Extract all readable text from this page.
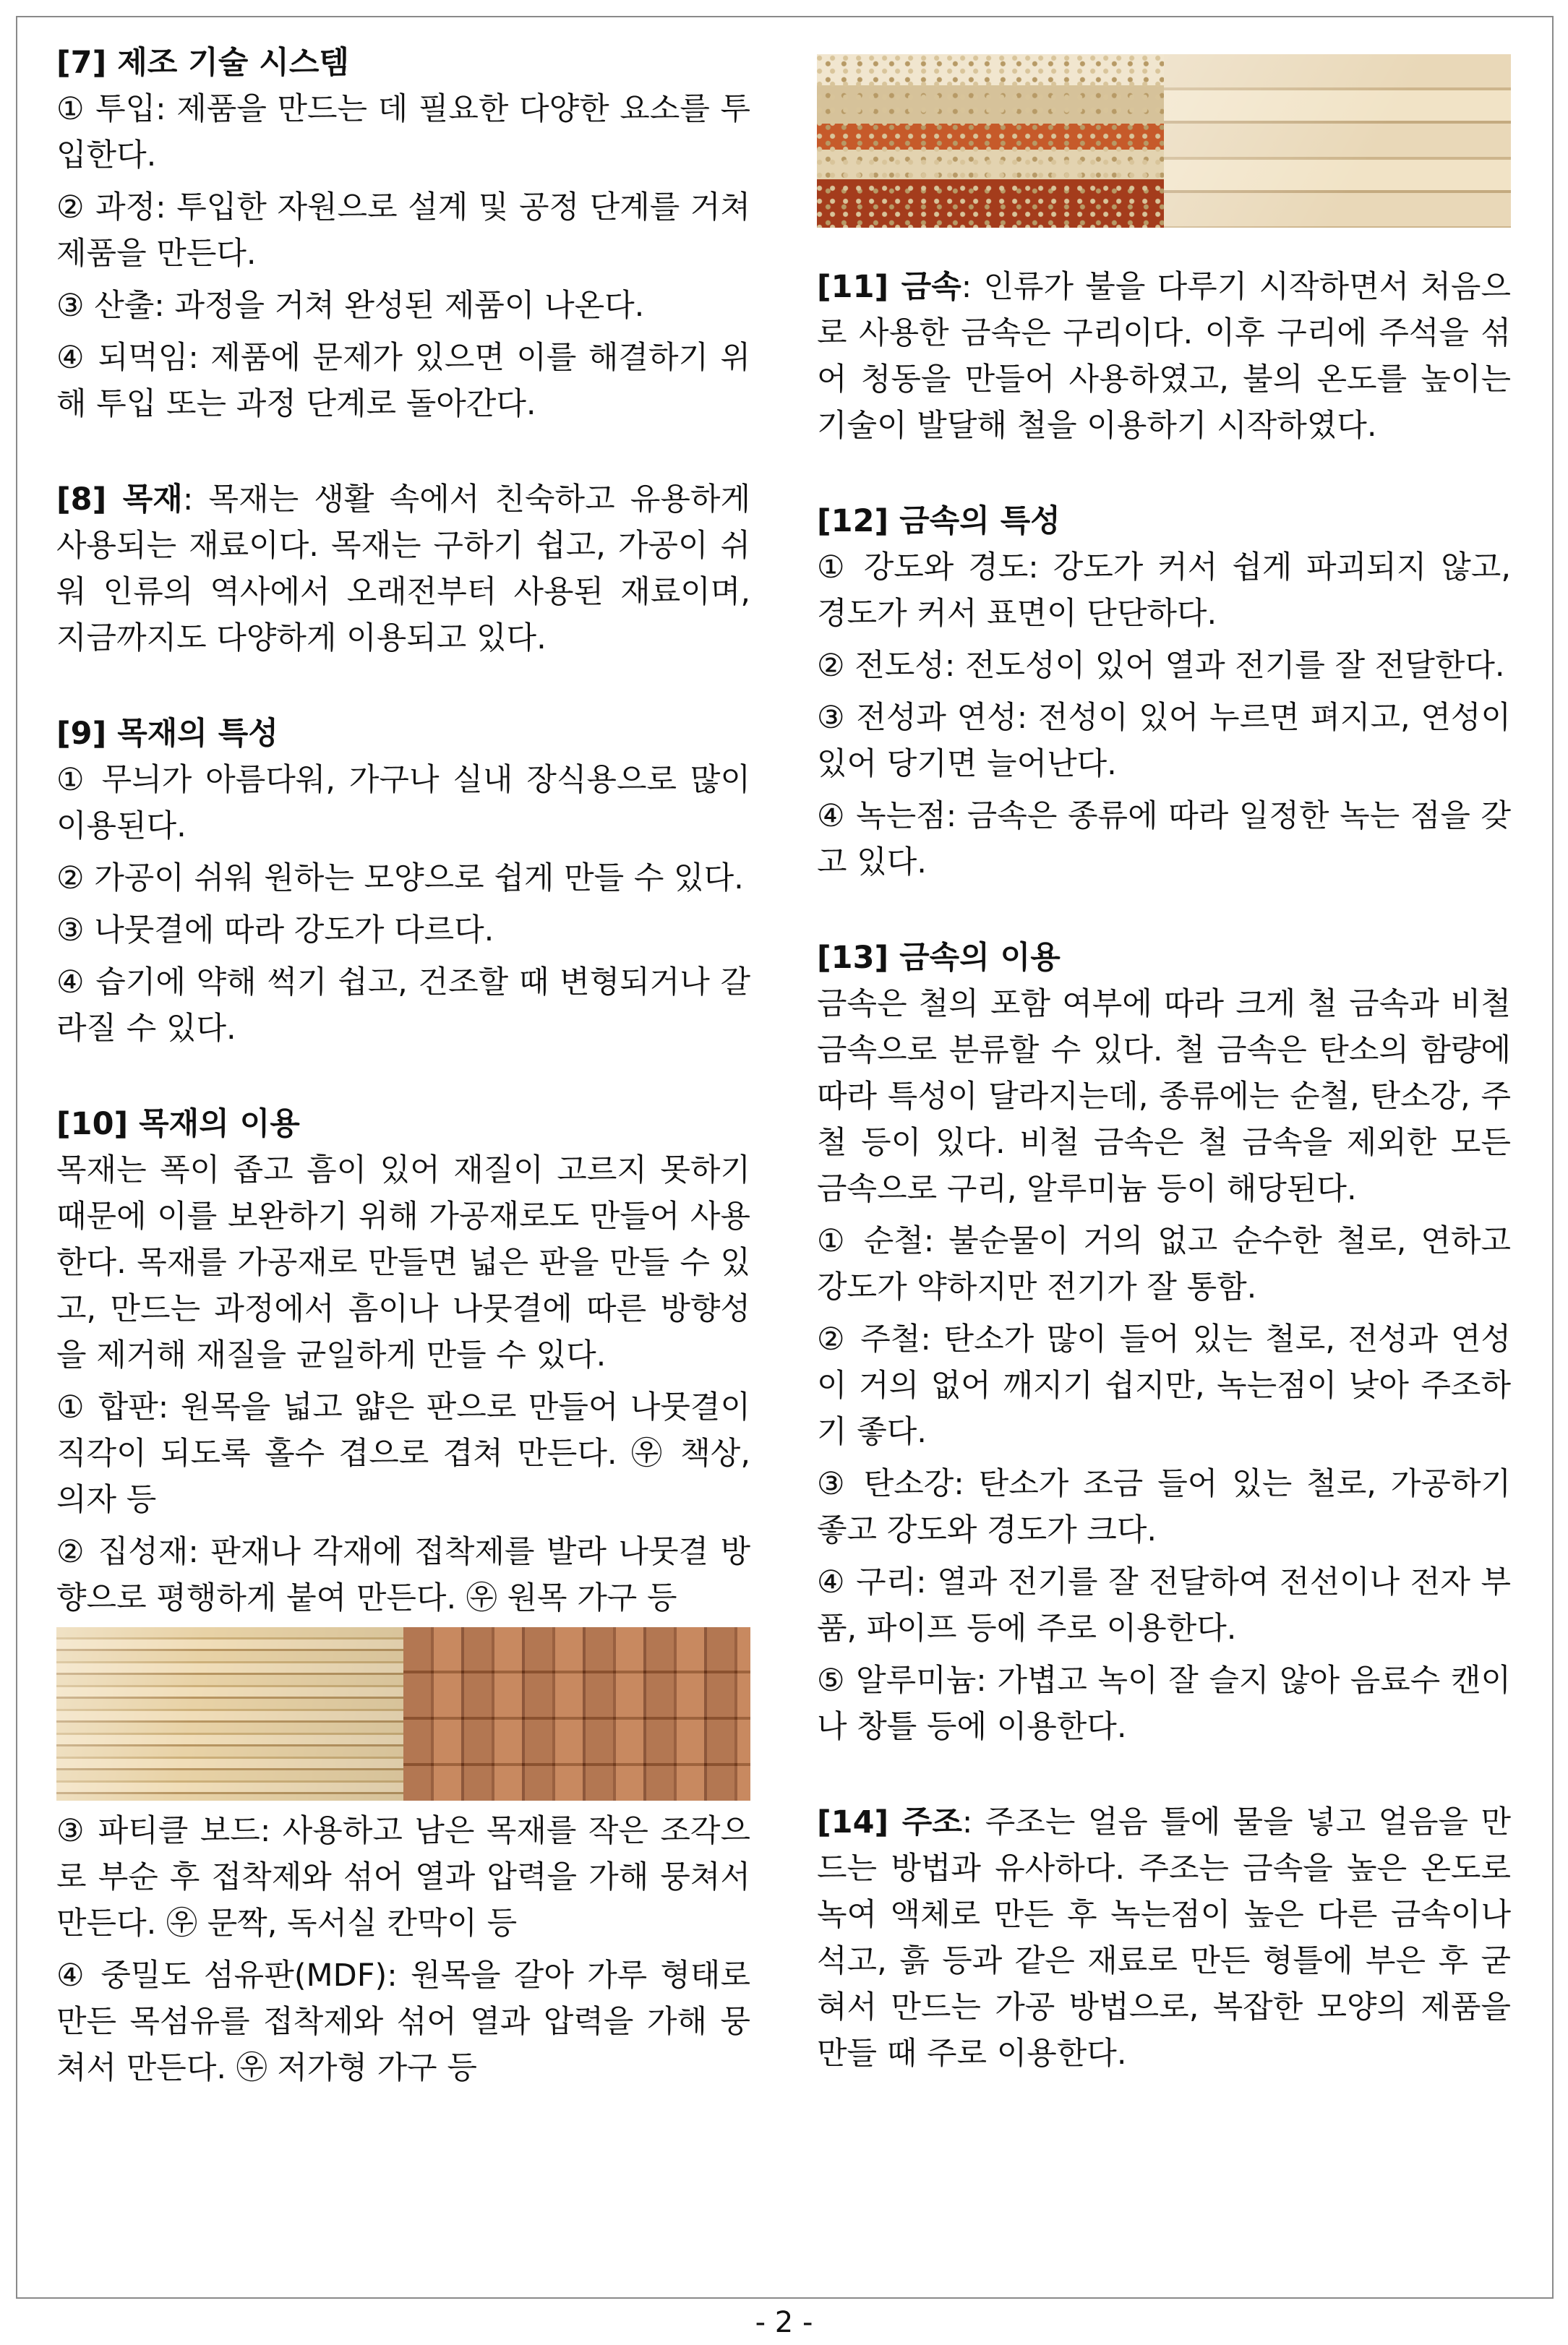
[7] 제조 기술 시스템

① 투입: 제품을 만드는 데 필요한 다양한 요소를 투입한다.

② 과정: 투입한 자원으로 설계 및 공정 단계를 거쳐 제품을 만든다.

③ 산출: 과정을 거쳐 완성된 제품이 나온다.

④ 되먹임: 제품에 문제가 있으면 이를 해결하기 위해 투입 또는 과정 단계로 돌아간다.

[8] 목재: 목재는 생활 속에서 친숙하고 유용하게 사용되는 재료이다. 목재는 구하기 쉽고, 가공이 쉬워 인류의 역사에서 오래전부터 사용된 재료이며, 지금까지도 다양하게 이용되고 있다.

[9] 목재의 특성

① 무늬가 아름다워, 가구나 실내 장식용으로 많이 이용된다.

② 가공이 쉬워 원하는 모양으로 쉽게 만들 수 있다.

③ 나뭇결에 따라 강도가 다르다.

④ 습기에 약해 썩기 쉽고, 건조할 때 변형되거나 갈라질 수 있다.

[10] 목재의 이용

목재는 폭이 좁고 흠이 있어 재질이 고르지 못하기 때문에 이를 보완하기 위해 가공재로도 만들어 사용한다. 목재를 가공재로 만들면 넓은 판을 만들 수 있고, 만드는 과정에서 흠이나 나뭇결에 따른 방향성을 제거해 재질을 균일하게 만들 수 있다.

① 합판: 원목을 넓고 얇은 판으로 만들어 나뭇결이 직각이 되도록 홀수 겹으로 겹쳐 만든다. ㉾ 책상, 의자 등

② 집성재: 판재나 각재에 접착제를 발라 나뭇결 방향으로 평행하게 붙여 만든다. ㉾ 원목 가구 등

③ 파티클 보드: 사용하고 남은 목재를 작은 조각으로 부순 후 접착제와 섞어 열과 압력을 가해 뭉쳐서 만든다. ㉾ 문짝, 독서실 칸막이 등

④ 중밀도 섬유판(MDF): 원목을 갈아 가루 형태로 만든 목섬유를 접착제와 섞어 열과 압력을 가해 뭉쳐서 만든다. ㉾ 저가형 가구 등

[11] 금속: 인류가 불을 다루기 시작하면서 처음으로 사용한 금속은 구리이다. 이후 구리에 주석을 섞어 청동을 만들어 사용하였고, 불의 온도를 높이는 기술이 발달해 철을 이용하기 시작하였다.

[12] 금속의 특성

① 강도와 경도: 강도가 커서 쉽게 파괴되지 않고, 경도가 커서 표면이 단단하다.

② 전도성: 전도성이 있어 열과 전기를 잘 전달한다.

③ 전성과 연성: 전성이 있어 누르면 펴지고, 연성이 있어 당기면 늘어난다.

④ 녹는점: 금속은 종류에 따라 일정한 녹는 점을 갖고 있다.

[13] 금속의 이용

금속은 철의 포함 여부에 따라 크게 철 금속과 비철 금속으로 분류할 수 있다. 철 금속은 탄소의 함량에 따라 특성이 달라지는데, 종류에는 순철, 탄소강, 주철 등이 있다. 비철 금속은 철 금속을 제외한 모든 금속으로 구리, 알루미늄 등이 해당된다.

① 순철: 불순물이 거의 없고 순수한 철로, 연하고 강도가 약하지만 전기가 잘 통함.

② 주철: 탄소가 많이 들어 있는 철로, 전성과 연성이 거의 없어 깨지기 쉽지만, 녹는점이 낮아 주조하기 좋다.

③ 탄소강: 탄소가 조금 들어 있는 철로, 가공하기 좋고 강도와 경도가 크다.

④ 구리: 열과 전기를 잘 전달하여 전선이나 전자 부품, 파이프 등에 주로 이용한다.

⑤ 알루미늄: 가볍고 녹이 잘 슬지 않아 음료수 캔이나 창틀 등에 이용한다.

[14] 주조: 주조는 얼음 틀에 물을 넣고 얼음을 만드는 방법과 유사하다. 주조는 금속을 높은 온도로 녹여 액체로 만든 후 녹는점이 높은 다른 금속이나 석고, 흙 등과 같은 재료로 만든 형틀에 부은 후 굳혀서 만드는 가공 방법으로, 복잡한 모양의 제품을 만들 때 주로 이용한다.

- 2 -
